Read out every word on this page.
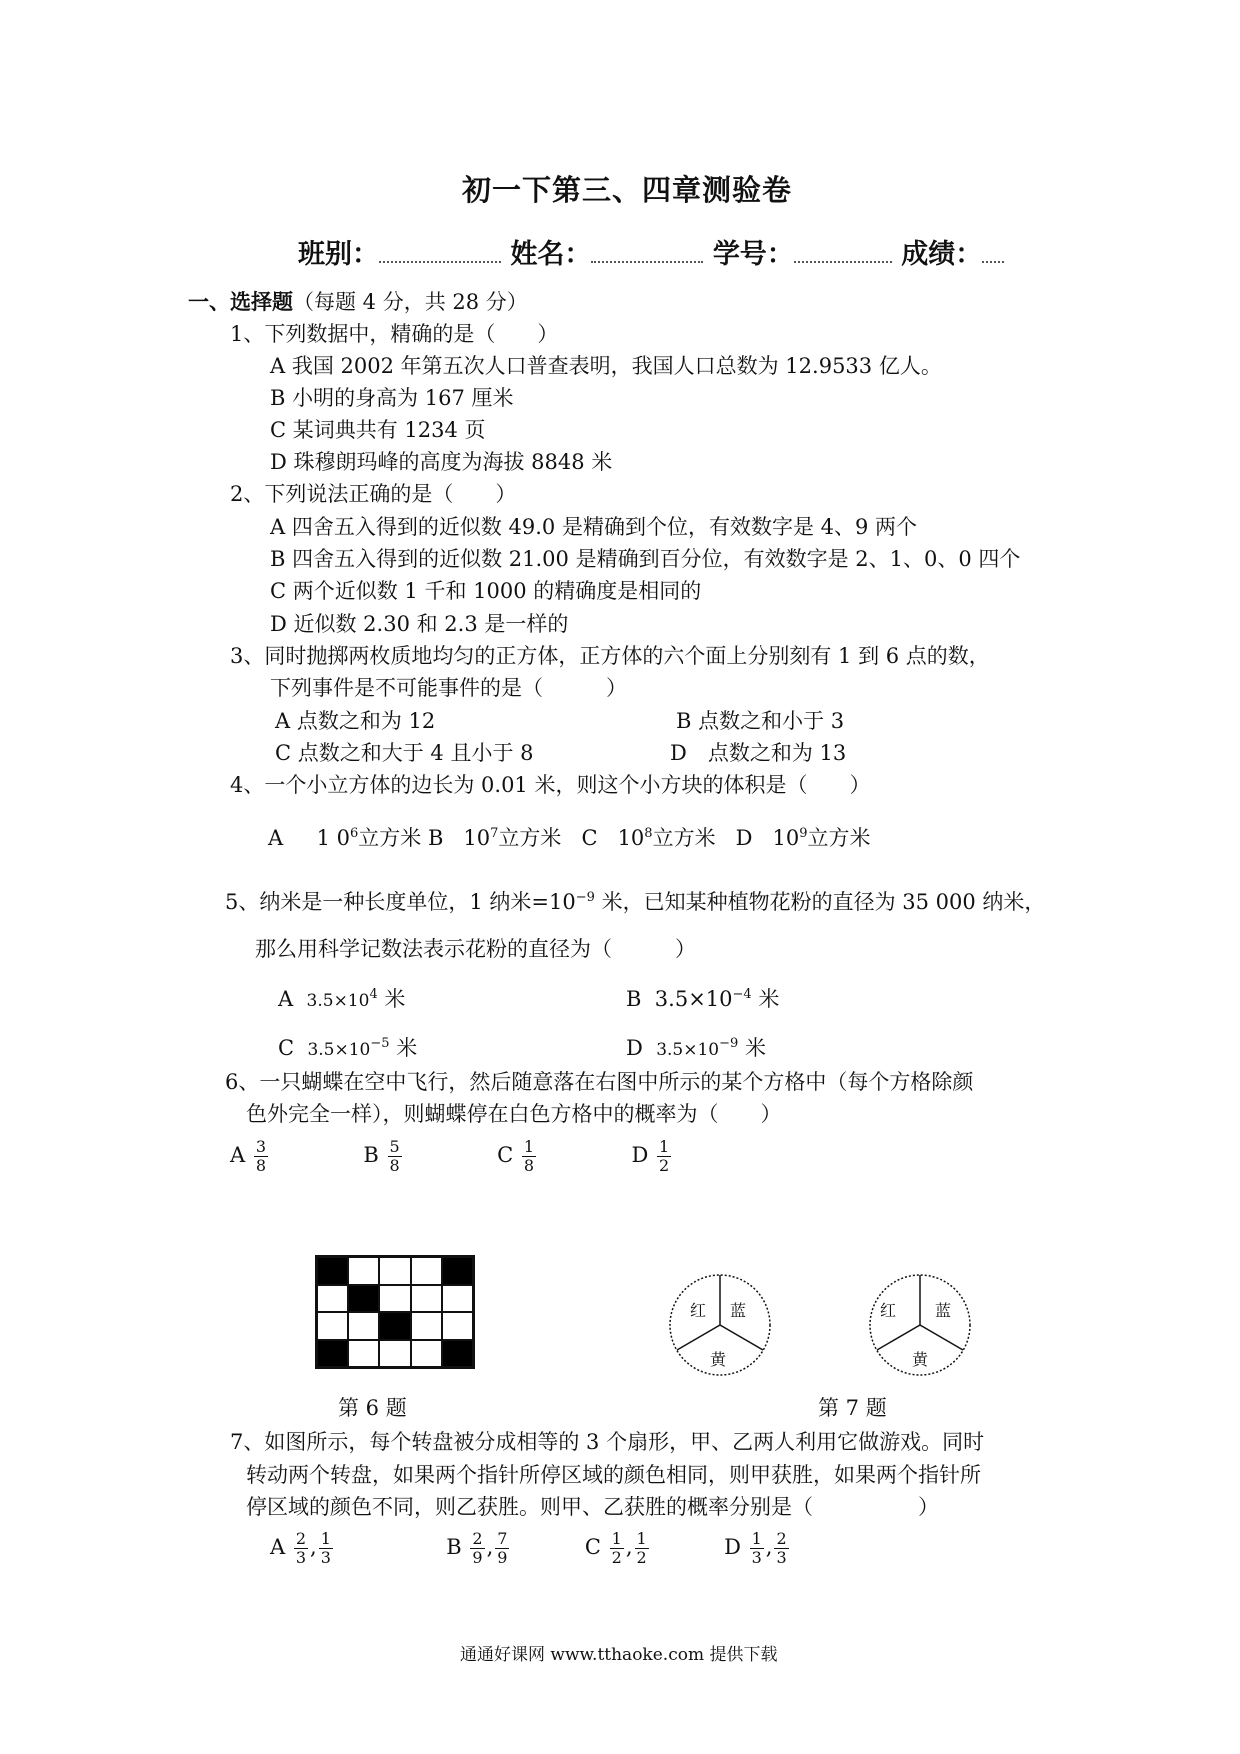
初一下第三、四章测验卷
班别：	姓名：	学号：	成绩：
一、选择题（每题 4 分，共 28 分）
1、下列数据中，精确的是（　　）
A 我国 2002 年第五次人口普查表明，我国人口总数为 12.9533 亿人。
B 小明的身高为 167 厘米
C 某词典共有 1234 页
D 珠穆朗玛峰的高度为海拔 8848 米
2、下列说法正确的是（　　）
A 四舍五入得到的近似数 49.0 是精确到个位，有效数字是 4、9 两个
B 四舍五入得到的近似数 21.00 是精确到百分位，有效数字是 2、1、0、0 四个
C 两个近似数 1 千和 1000 的精确度是相同的
D 近似数 2.30 和 2.3 是一样的
3、同时抛掷两枚质地均匀的正方体，正方体的六个面上分别刻有 1 到 6 点的数，
下列事件是不可能事件的是（　　　）
A 点数之和为 12	B 点数之和小于 3
C 点数之和大于 4 且小于 8	D　点数之和为 13
4、一个小立方体的边长为 0.01 米，则这个小方块的体积是（　　）
A 1 $0^6$立方米 B $10^7$立方米 C $10^8$立方米 D $10^9$立方米
5、纳米是一种长度单位，1 纳米$=10^{-9}$ 米，已知某种植物花粉的直径为 35 000 纳米，
那么用科学记数法表示花粉的直径为（　　　）
A $3.5\times 10^4$ 米	B $3.5\times 10^{-4}$ 米
C $3.5\times 10^{-5}$ 米	D $3.5\times 10^{-9}$ 米
6、一只蝴蝶在空中飞行，然后随意落在右图中所示的某个方格中（每个方格除颜
色外完全一样），则蝴蝶停在白色方格中的概率为（　　）
A $\frac{3}{8}$	B $\frac{5}{8}$	C $\frac{1}{8}$	D $\frac{1}{2}$
红 蓝
黄
红 蓝
黄
第 6 题	第 7 题
7、如图所示，每个转盘被分成相等的 3 个扇形，甲、乙两人利用它做游戏。同时
转动两个转盘，如果两个指针所停区域的颜色相同，则甲获胜，如果两个指针所
停区域的颜色不同，则乙获胜。则甲、乙获胜的概率分别是（　　　　　）
A $\frac{2}{3}$ , $\frac{1}{3}$	B $\frac{2}{9}$ , $\frac{7}{9}$	C $\frac{1}{2}$ , $\frac{1}{2}$	D $\frac{1}{3}$ , $\frac{2}{3}$
通通好课网 www.tthaoke.com 提供下载
